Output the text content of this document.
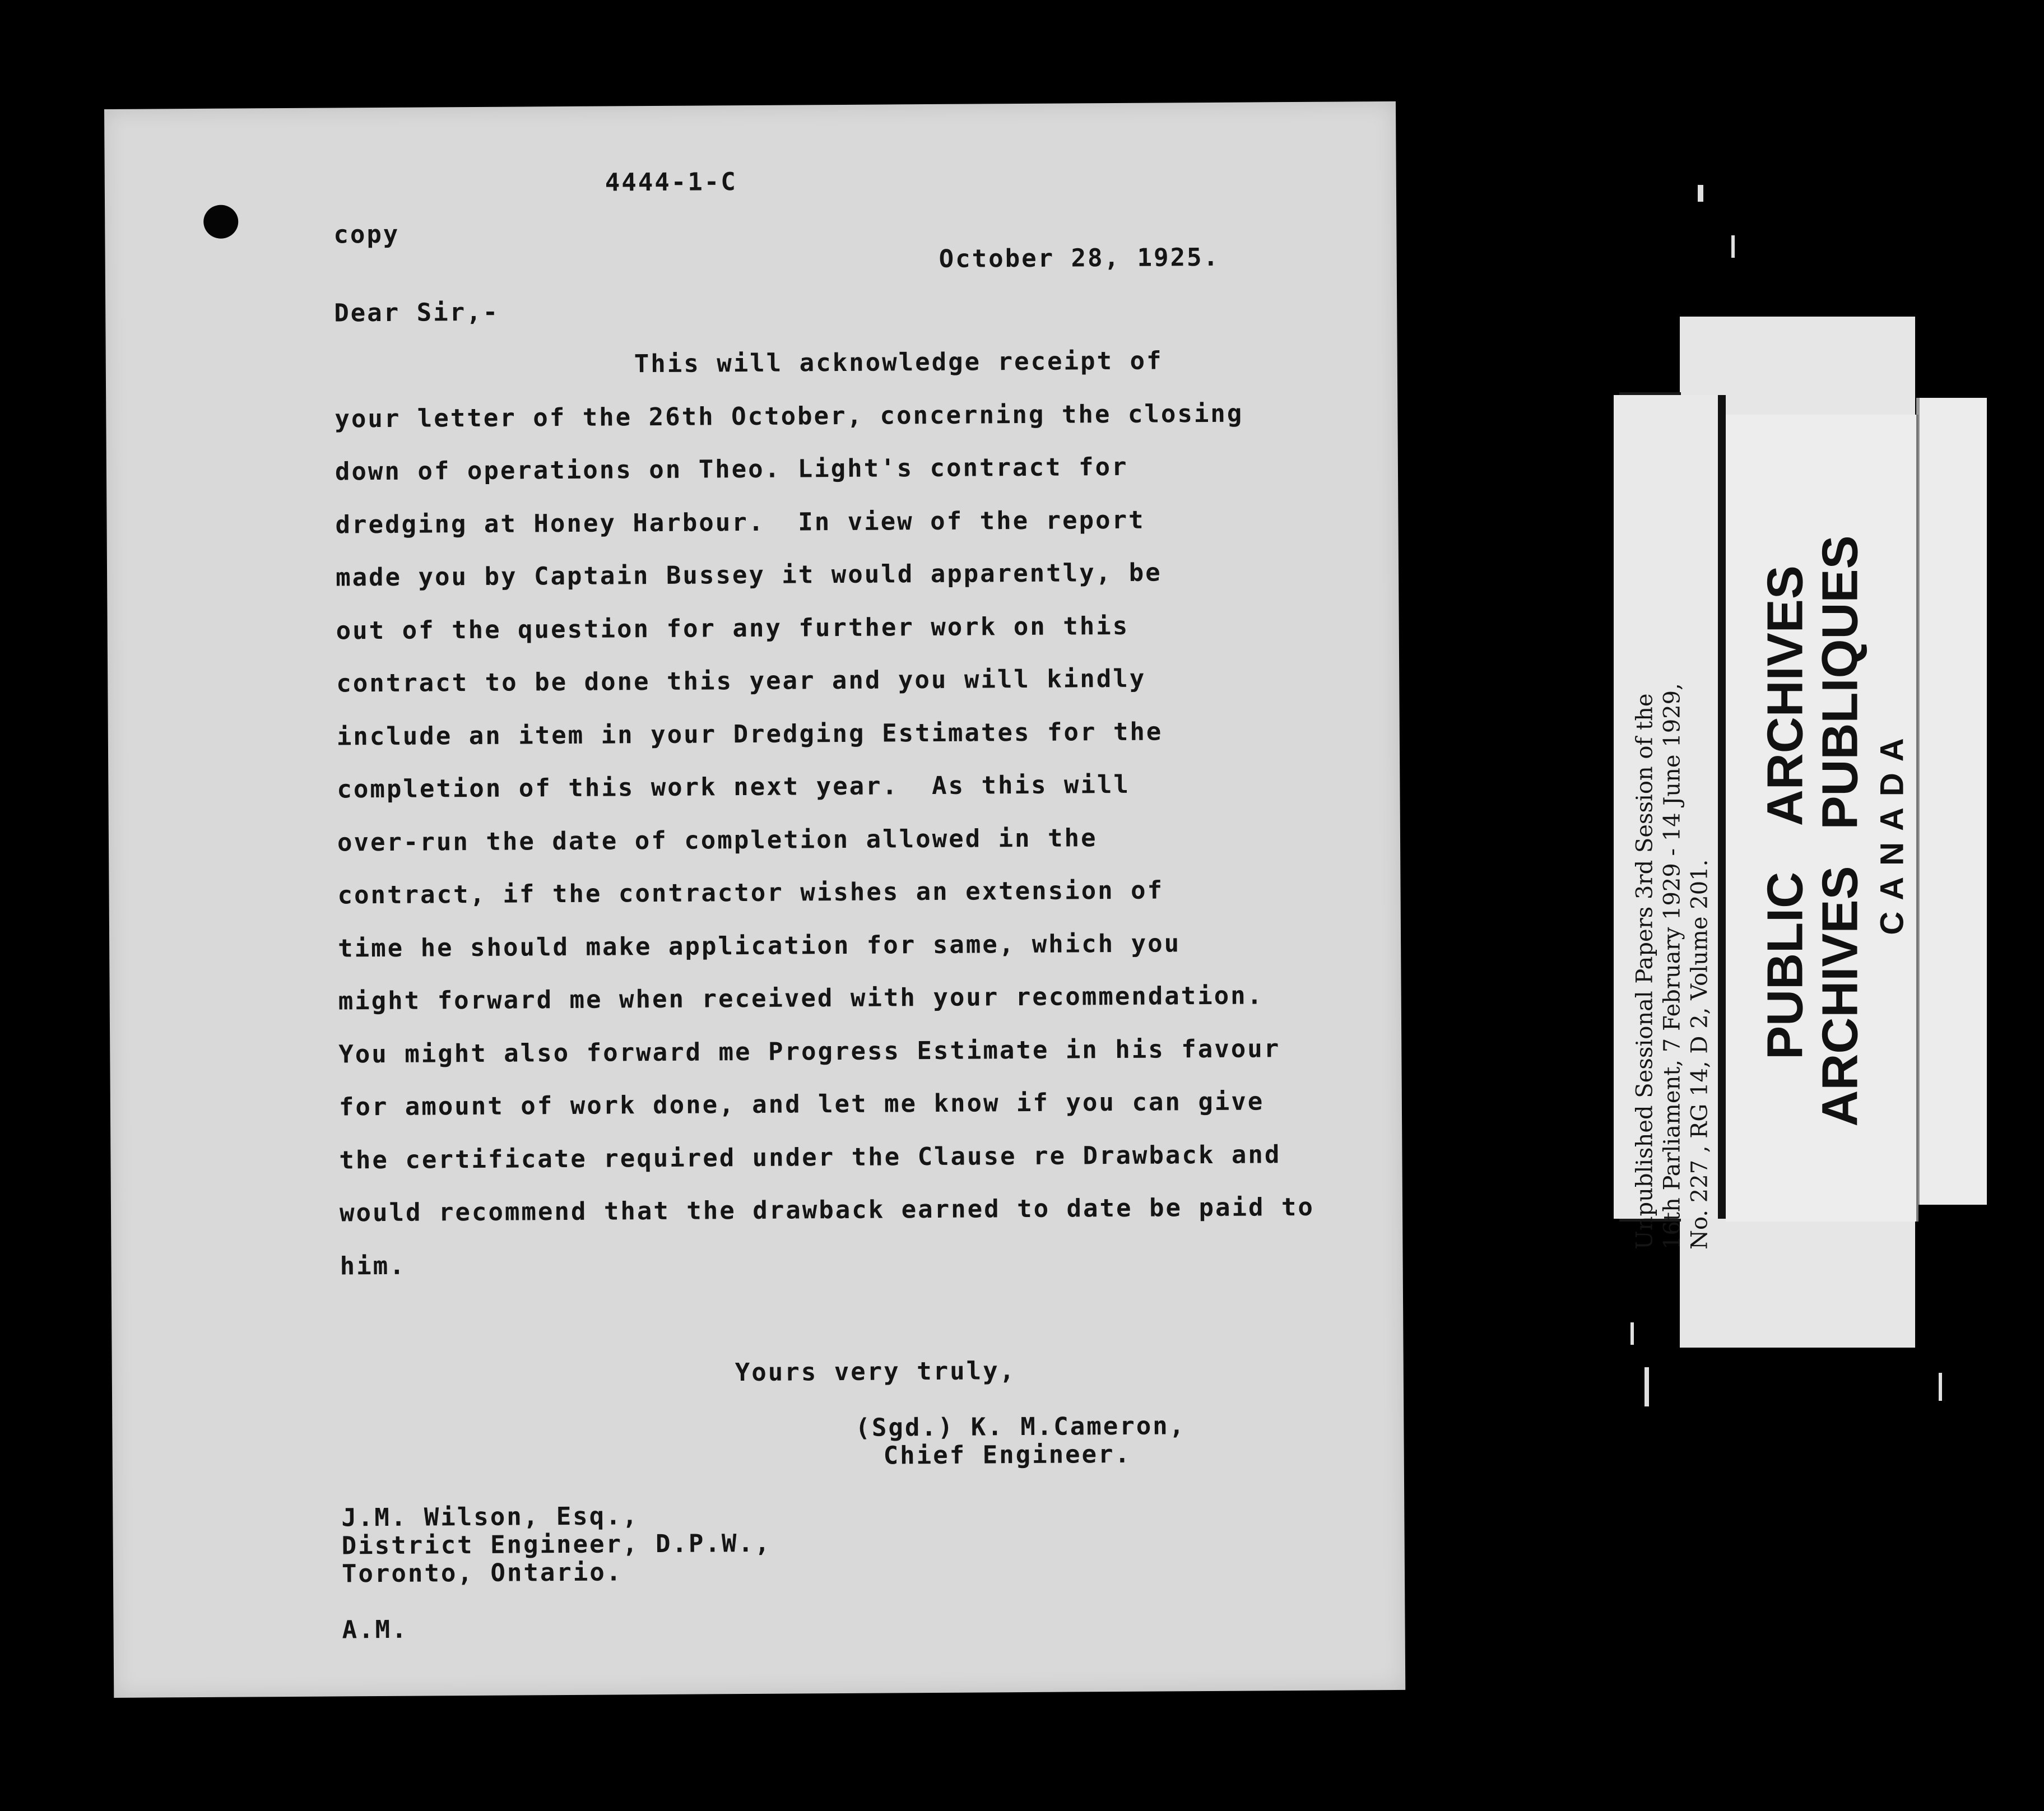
4444-1-C
copy
October 28, 1925.
Dear Sir,-
This will acknowledge receipt of
your letter of the 26th October, concerning the closing
down of operations on Theo. Light's contract for
dredging at Honey Harbour.  In view of the report
made you by Captain Bussey it would apparently, be
out of the question for any further work on this
contract to be done this year and you will kindly
include an item in your Dredging Estimates for the
completion of this work next year.  As this will
over-run the date of completion allowed in the
contract, if the contractor wishes an extension of
time he should make application for same, which you
might forward me when received with your recommendation.
You might also forward me Progress Estimate in his favour
for amount of work done, and let me know if you can give
the certificate required under the Clause re Drawback and
would recommend that the drawback earned to date be paid to
him.
Yours very truly,
(Sgd.) K. M.Cameron,
Chief Engineer.
J.M. Wilson, Esq.,
District Engineer, D.P.W.,
Toronto, Ontario.
A.M.
Unpublished Sessional Papers 3rd Session of the 16th Parliament, 7 February 1929 - 14 June 1929, No. 227 , RG 14, D 2, Volume 201. PUBLIC ARCHIVES
ARCHIVES PUBLIQUES CANADA
